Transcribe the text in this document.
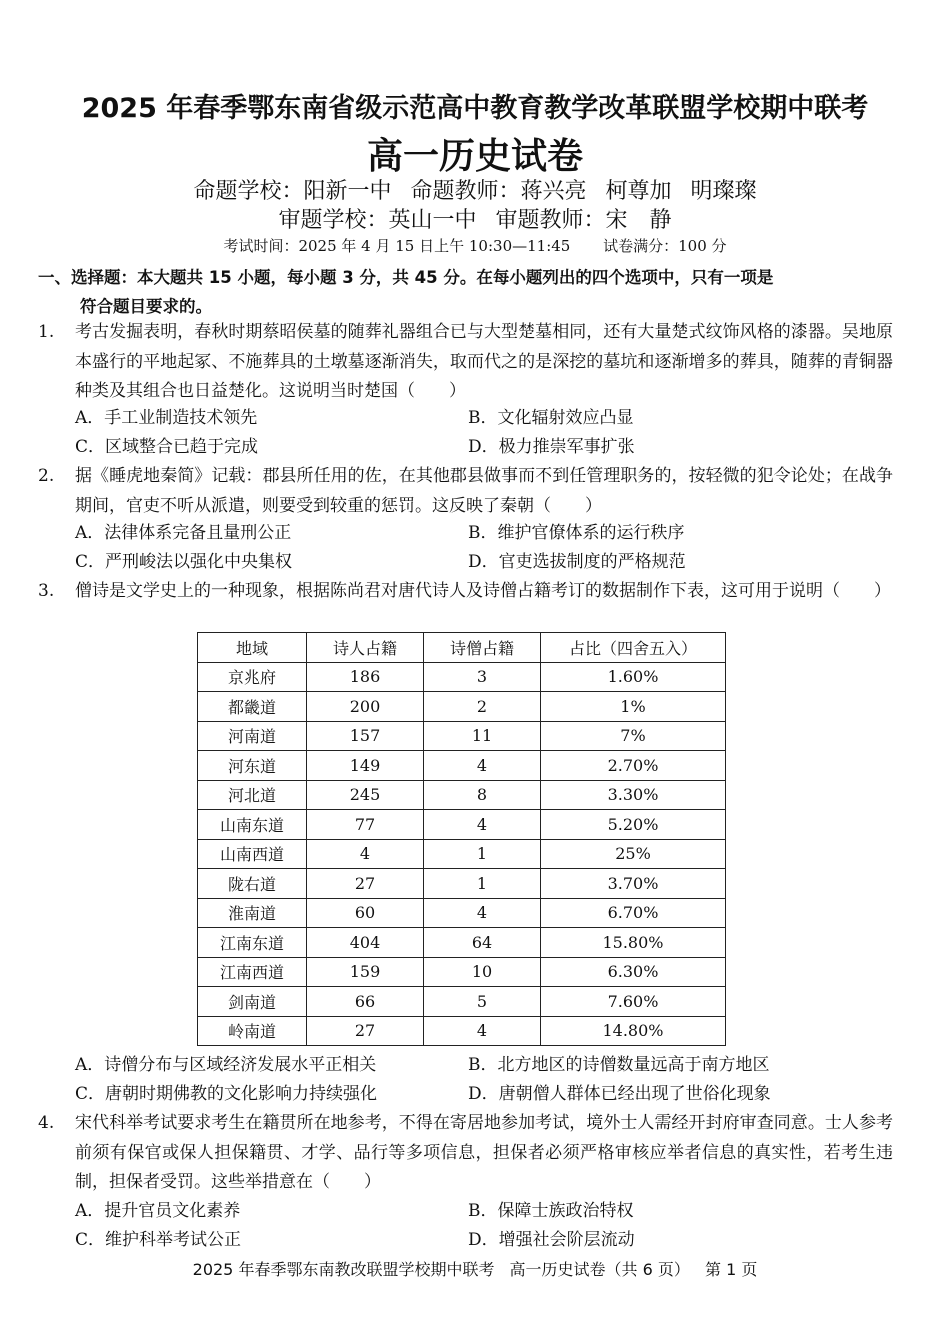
2025 年春季鄂东南省级示范高中教育教学改革联盟学校期中联考
高一历史试卷
命题学校：阳新一中 命题教师：蒋兴亮 柯尊加 明璨璨
审题学校：英山一中 审题教师：宋　静
考试时间：2025 年 4 月 15 日上午 10:30—11:45 试卷满分：100 分
一、选择题：本大题共 15 小题，每小题 3 分，共 45 分。在每小题列出的四个选项中，只有一项是
符合题目要求的。
1. 考古发掘表明，春秋时期蔡昭侯墓的随葬礼器组合已与大型楚墓相同，还有大量楚式纹饰风格的漆器。吴地原本盛行的平地起冢、不施葬具的土墩墓逐渐消失，取而代之的是深挖的墓坑和逐渐增多的葬具，随葬的青铜器种类及其组合也日益楚化。这说明当时楚国（　　）
A．手工业制造技术领先	B．文化辐射效应凸显
C．区域整合已趋于完成	D．极力推崇军事扩张
2. 据《睡虎地秦简》记载：郡县所任用的佐，在其他郡县做事而不到任管理职务的，按轻微的犯令论处；在战争期间，官吏不听从派遣，则要受到较重的惩罚。这反映了秦朝（　　）
A．法律体系完备且量刑公正	B．维护官僚体系的运行秩序
C．严刑峻法以强化中央集权	D．官吏选拔制度的严格规范
3. 僧诗是文学史上的一种现象，根据陈尚君对唐代诗人及诗僧占籍考订的数据制作下表，这可用于说明（　　）
地域	诗人占籍	诗僧占籍	占比（四舍五入）
京兆府	186	3	1.60%
都畿道	200	2	1%
河南道	157	11	7%
河东道	149	4	2.70%
河北道	245	8	3.30%
山南东道	77	4	5.20%
山南西道	4	1	25%
陇右道	27	1	3.70%
淮南道	60	4	6.70%
江南东道	404	64	15.80%
江南西道	159	10	6.30%
剑南道	66	5	7.60%
岭南道	27	4	14.80%
A．诗僧分布与区域经济发展水平正相关	B．北方地区的诗僧数量远高于南方地区
C．唐朝时期佛教的文化影响力持续强化	D．唐朝僧人群体已经出现了世俗化现象
4. 宋代科举考试要求考生在籍贯所在地参考，不得在寄居地参加考试，境外士人需经开封府审查同意。士人参考前须有保官或保人担保籍贯、才学、品行等多项信息，担保者必须严格审核应举者信息的真实性，若考生违制，担保者受罚。这些举措意在（　　）
A．提升官员文化素养	B．保障士族政治特权
C．维护科举考试公正	D．增强社会阶层流动
2025 年春季鄂东南教改联盟学校期中联考 高一历史试卷（共 6 页） 第 1 页
